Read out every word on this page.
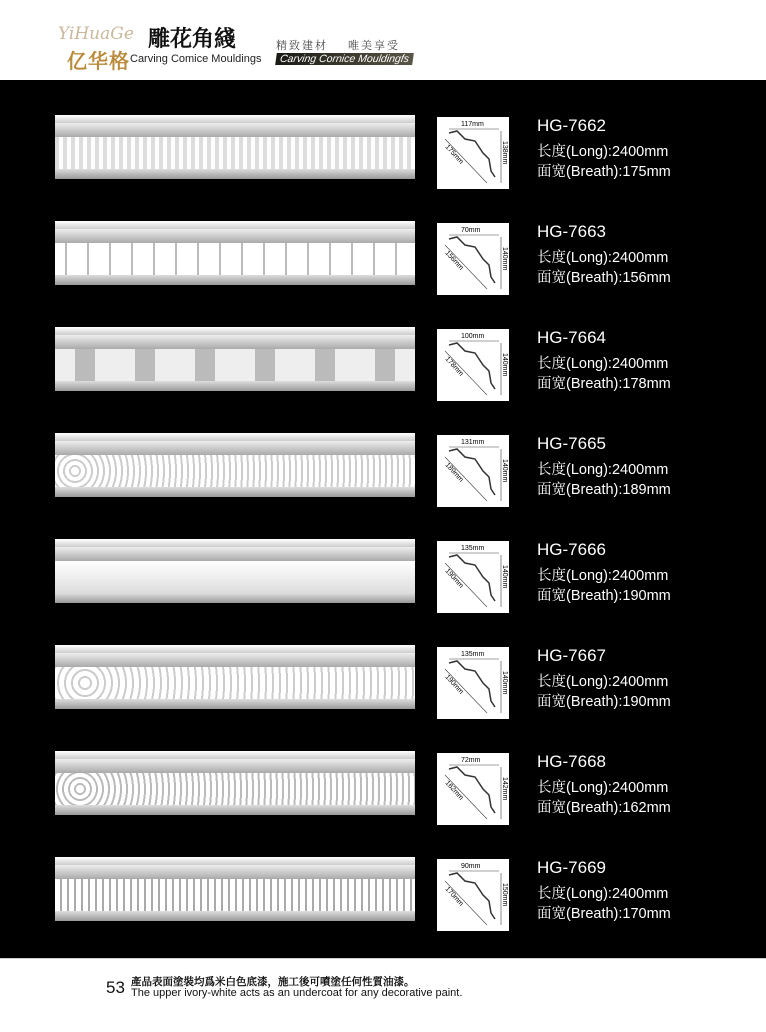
YiHuaGe
亿华格
雕花角綫
Carving Comice Mouldings
精致建材 唯美享受
Carving Cornice Mouldingfs
117mm
138mm
175mm
HG-7662
长度(Long):2400mm
面宽(Breath):175mm
70mm
140mm
156mm
HG-7663
长度(Long):2400mm
面宽(Breath):156mm
100mm
140mm
178mm
HG-7664
长度(Long):2400mm
面宽(Breath):178mm
131mm
140mm
189mm
HG-7665
长度(Long):2400mm
面宽(Breath):189mm
135mm
140mm
190mm
HG-7666
长度(Long):2400mm
面宽(Breath):190mm
135mm
140mm
190mm
HG-7667
长度(Long):2400mm
面宽(Breath):190mm
72mm
142mm
162mm
HG-7668
长度(Long):2400mm
面宽(Breath):162mm
90mm
150mm
170mm
HG-7669
长度(Long):2400mm
面宽(Breath):170mm
53 產品表面塗裝均爲米白色底漆，施工後可噴塗任何性質油漆。
The upper ivory-white acts as an undercoat for any decorative paint.
